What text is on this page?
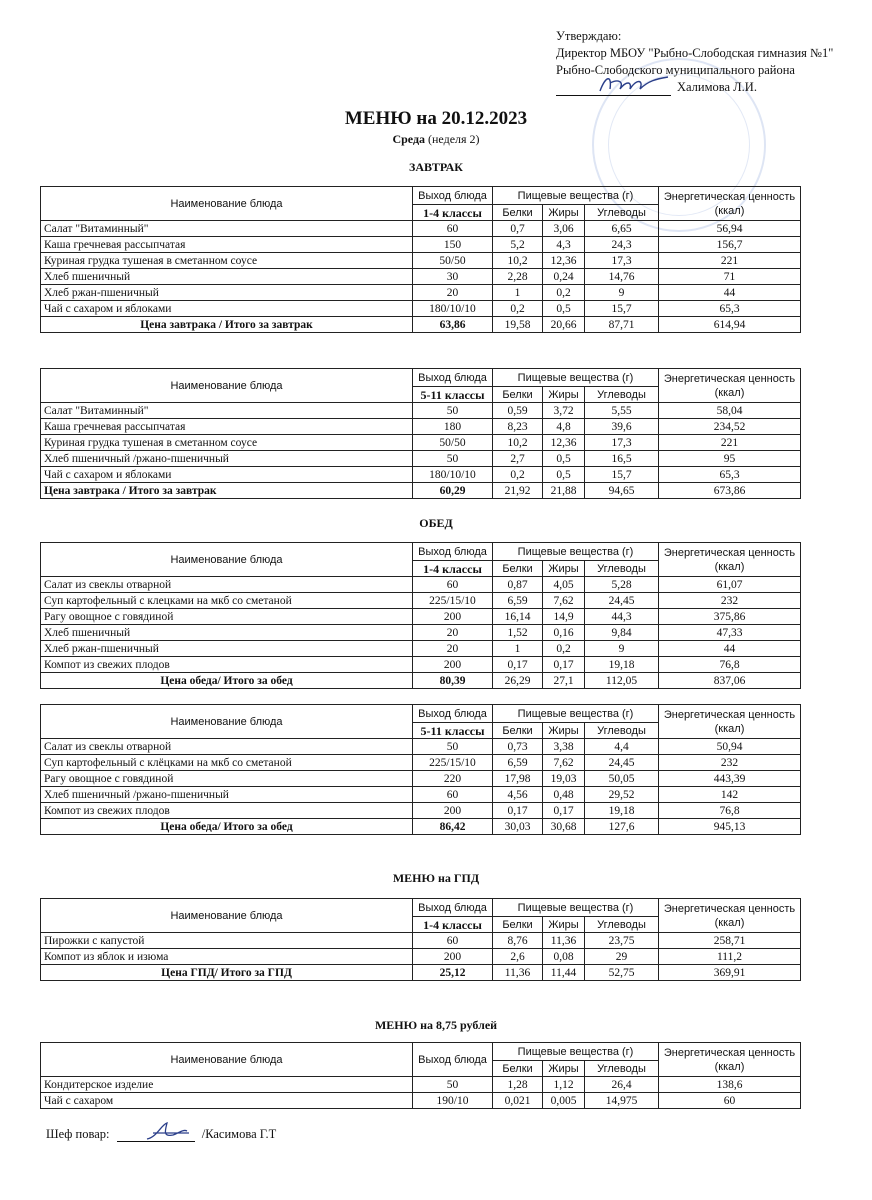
Утверждаю:
Директор МБОУ "Рыбно-Слободская гимназия №1"
Рыбно-Слободского муниципального района
Халимова Л.И.
МЕНЮ на 20.12.2023
Среда (неделя 2)
ЗАВТРАК
Наименование блюда	Выход блюда	Пищевые вещества (г)			Энергетическая ценность (ккал)
	1-4 классы	Белки	Жиры	Углеводы	
Салат "Витаминный"	60	0,7	3,06	6,65	56,94
Каша гречневая рассыпчатая	150	5,2	4,3	24,3	156,7
Куриная грудка тушеная в сметанном соусе	50/50	10,2	12,36	17,3	221
Хлеб пшеничный	30	2,28	0,24	14,76	71
Хлеб ржан-пшеничный	20	1	0,2	9	44
Чай с сахаром и яблоками	180/10/10	0,2	0,5	15,7	65,3
Цена завтрака / Итого за завтрак	63,86	19,58	20,66	87,71	614,94
Наименование блюда	Выход блюда	Пищевые вещества (г)			Энергетическая ценность (ккал)
	5-11 классы	Белки	Жиры	Углеводы	
Салат "Витаминный"	50	0,59	3,72	5,55	58,04
Каша гречневая рассыпчатая	180	8,23	4,8	39,6	234,52
Куриная грудка тушеная в сметанном соусе	50/50	10,2	12,36	17,3	221
Хлеб пшеничный /ржано-пшеничный	50	2,7	0,5	16,5	95
Чай с сахаром и яблоками	180/10/10	0,2	0,5	15,7	65,3
Цена завтрака / Итого за завтрак	60,29	21,92	21,88	94,65	673,86
ОБЕД
Наименование блюда	Выход блюда	Пищевые вещества (г)			Энергетическая ценность (ккал)
	1-4 классы	Белки	Жиры	Углеводы	
Салат из свеклы отварной	60	0,87	4,05	5,28	61,07
Суп картофельный с клецками на мкб со сметаной	225/15/10	6,59	7,62	24,45	232
Рагу овощное с говядиной	200	16,14	14,9	44,3	375,86
Хлеб пшеничный	20	1,52	0,16	9,84	47,33
Хлеб ржан-пшеничный	20	1	0,2	9	44
Компот из свежих плодов	200	0,17	0,17	19,18	76,8
Цена обеда/ Итого за обед	80,39	26,29	27,1	112,05	837,06
Наименование блюда	Выход блюда	Пищевые вещества (г)			Энергетическая ценность (ккал)
	5-11 классы	Белки	Жиры	Углеводы	
Салат из свеклы отварной	50	0,73	3,38	4,4	50,94
Суп картофельный с клёцками на мкб со сметаной	225/15/10	6,59	7,62	24,45	232
Рагу овощное с говядиной	220	17,98	19,03	50,05	443,39
Хлеб пшеничный /ржано-пшеничный	60	4,56	0,48	29,52	142
Компот из свежих плодов	200	0,17	0,17	19,18	76,8
Цена обеда/ Итого за обед	86,42	30,03	30,68	127,6	945,13
МЕНЮ на ГПД
Наименование блюда	Выход блюда	Пищевые вещества (г)			Энергетическая ценность (ккал)
	1-4 классы	Белки	Жиры	Углеводы	
Пирожки с капустой	60	8,76	11,36	23,75	258,71
Компот из яблок и изюма	200	2,6	0,08	29	111,2
Цена ГПД/ Итого за ГПД	25,12	11,36	11,44	52,75	369,91
МЕНЮ на 8,75 рублей
Наименование блюда	Выход блюда	Пищевые вещества (г)			Энергетическая ценность (ккал)
		Белки	Жиры	Углеводы	
Кондитерское изделие	50	1,28	1,12	26,4	138,6
Чай с сахаром	190/10	0,021	0,005	14,975	60
Шеф повар:	/Касимова Г.Т
